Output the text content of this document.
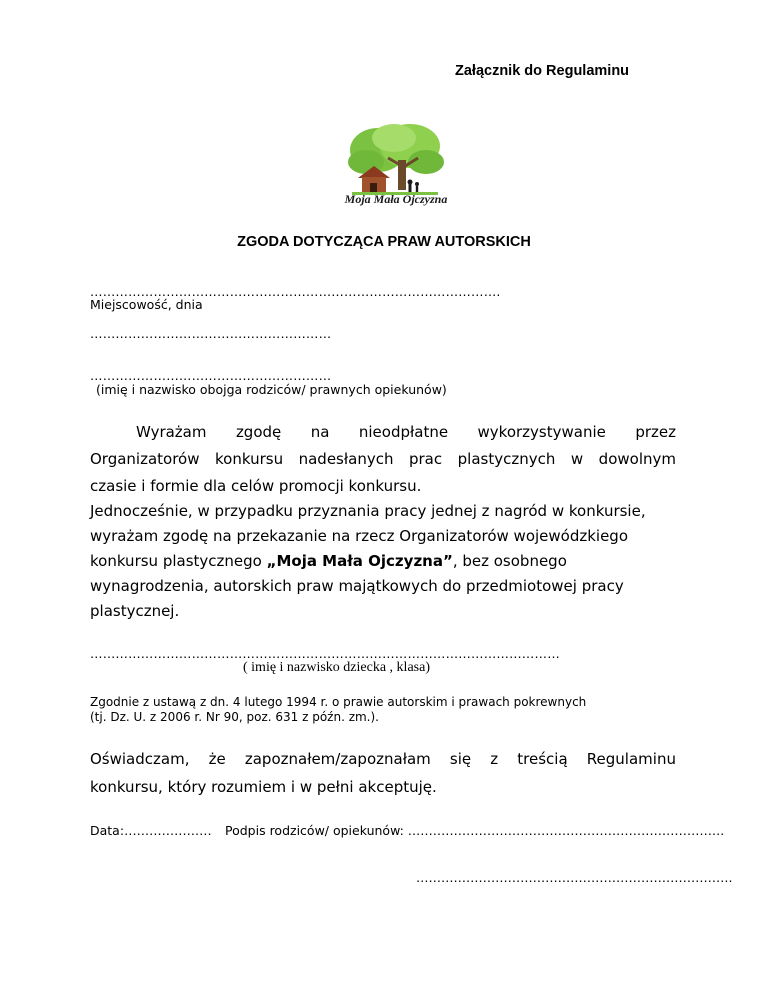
Załącznik do Regulaminu
Moja Mała Ojczyzna
ZGODA DOTYCZĄCA PRAW AUTORSKICH
…………………………………………………………………………………….
Miejscowość, dnia
…………………………………………………
…………………………………………………
(imię i nazwisko obojga rodziców/ prawnych opiekunów)
Wyrażam zgodę na nieodpłatne wykorzystywanie przez
Organizatorów konkursu nadesłanych prac plastycznych w dowolnym
czasie i formie dla celów promocji konkursu.
Jednocześnie, w przypadku przyznania pracy jednej z nagród w konkursie,
wyrażam zgodę na przekazanie na rzecz Organizatorów wojewódzkiego
konkursu plastycznego „Moja Mała Ojczyzna”, bez osobnego
wynagrodzenia, autorskich praw majątkowych do przedmiotowej pracy
plastycznej.
…………………………………………………………………………………………………
( imię i nazwisko dziecka , klasa)
Zgodnie z ustawą z dn. 4 lutego 1994 r. o prawie autorskim i prawach pokrewnych
(tj. Dz. U. z 2006 r. Nr 90, poz. 631 z późn. zm.).
Oświadczam, że zapoznałem/zapoznałam się z treścią Regulaminu
konkursu, który rozumiem i w pełni akceptuję.
Data:………………… Podpis rodziców/ opiekunów: ………………………………………………………………….
………………………………………………………………….
